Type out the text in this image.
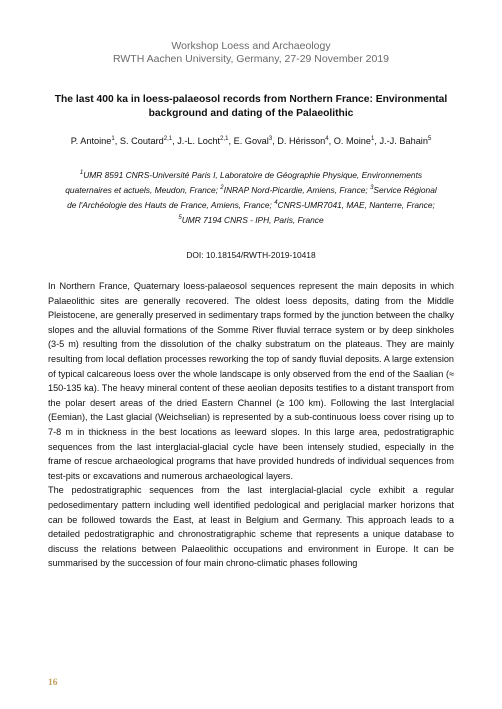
Workshop Loess and Archaeology
RWTH Aachen University, Germany, 27-29 November 2019
The last 400 ka in loess-palaeosol records from Northern France: Environmental background and dating of the Palaeolithic
P. Antoine$^1$, S. Coutard$^{2,1}$, J.-L. Locht$^{2,1}$, E. Goval$^3$, D. Hérisson$^4$, O. Moine$^1$, J.-J. Bahain$^5$
$^1$UMR 8591 CNRS-Université Paris I, Laboratoire de Géographie Physique, Environnements quaternaires et actuels, Meudon, France; $^2$INRAP Nord-Picardie, Amiens, France; $^3$Service Régional de l'Archéologie des Hauts de France, Amiens, France; $^4$CNRS-UMR7041, MAE, Nanterre, France; $^5$UMR 7194 CNRS - IPH, Paris, France
DOI: 10.18154/RWTH-2019-10418

In Northern France, Quaternary loess-palaeosol sequences represent the main deposits in which Palaeolithic sites are generally recovered. The oldest loess deposits, dating from the Middle Pleistocene, are generally preserved in sedimentary traps formed by the junction between the chalky slopes and the alluvial formations of the Somme River fluvial terrace system or by deep sinkholes (3-5 m) resulting from the dissolution of the chalky substratum on the plateaus. They are mainly resulting from local deflation processes reworking the top of sandy fluvial deposits. A large extension of typical calcareous loess over the whole landscape is only observed from the end of the Saalian (≈ 150-135 ka). The heavy mineral content of these aeolian deposits testifies to a distant transport from the polar desert areas of the dried Eastern Channel (≥ 100 km). Following the last Interglacial (Eemian), the Last glacial (Weichselian) is represented by a sub-continuous loess cover rising up to 7-8 m in thickness in the best locations as leeward slopes. In this large area, pedostratigraphic sequences from the last interglacial-glacial cycle have been intensely studied, especially in the frame of rescue archaeological programs that have provided hundreds of individual sequences from test-pits or excavations and numerous archaeological layers.

The pedostratigraphic sequences from the last interglacial-glacial cycle exhibit a regular pedosedimentary pattern including well identified pedological and periglacial marker horizons that can be followed towards the East, at least in Belgium and Germany. This approach leads to a detailed pedostratigraphic and chronostratigraphic scheme that represents a unique database to discuss the relations between Palaeolithic occupations and environment in Europe. It can be summarised by the succession of four main chrono-climatic phases following

16
